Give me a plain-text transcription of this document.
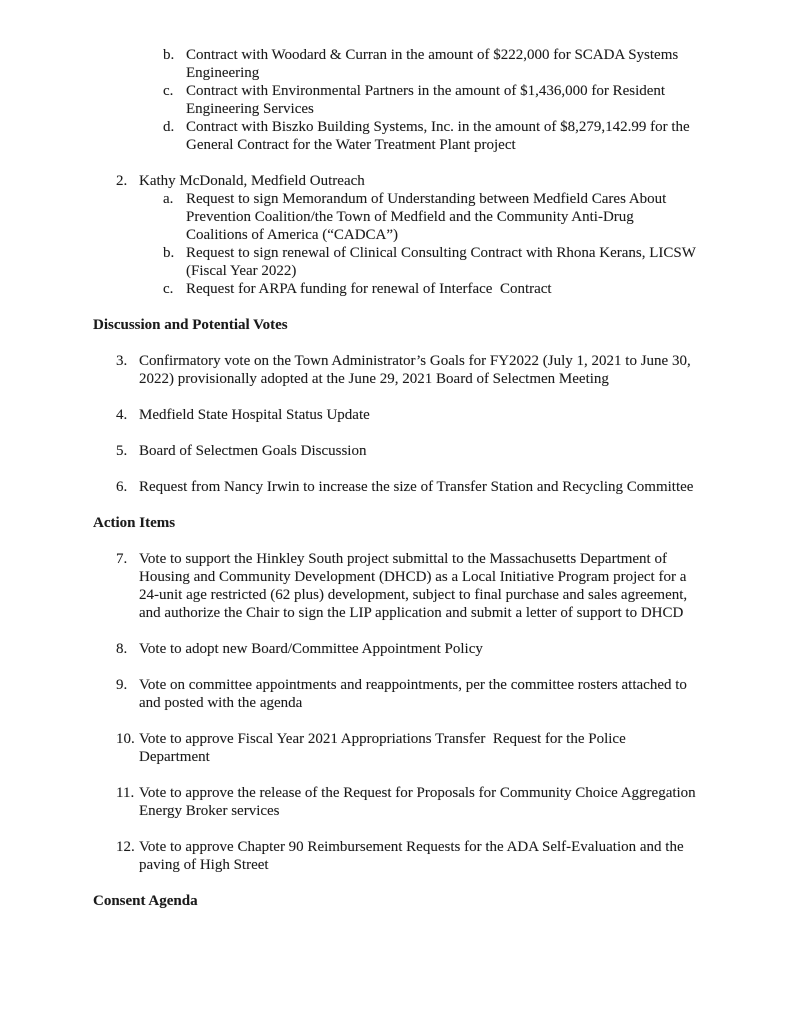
b. Contract with Woodard & Curran in the amount of $222,000 for SCADA Systems Engineering
c. Contract with Environmental Partners in the amount of $1,436,000 for Resident Engineering Services
d. Contract with Biszko Building Systems, Inc. in the amount of $8,279,142.99 for the General Contract for the Water Treatment Plant project
2. Kathy McDonald, Medfield Outreach
a. Request to sign Memorandum of Understanding between Medfield Cares About Prevention Coalition/the Town of Medfield and the Community Anti-Drug Coalitions of America (“CADCA”)
b. Request to sign renewal of Clinical Consulting Contract with Rhona Kerans, LICSW  (Fiscal Year 2022)
c. Request for ARPA funding for renewal of Interface  Contract
Discussion and Potential Votes
3. Confirmatory vote on the Town Administrator’s Goals for FY2022 (July 1, 2021 to June 30, 2022) provisionally adopted at the June 29, 2021 Board of Selectmen Meeting
4. Medfield State Hospital Status Update
5. Board of Selectmen Goals Discussion
6. Request from Nancy Irwin to increase the size of Transfer Station and Recycling Committee
Action Items
7. Vote to support the Hinkley South project submittal to the Massachusetts Department of Housing and Community Development (DHCD) as a Local Initiative Program project for a 24-unit age restricted (62 plus) development, subject to final purchase and sales agreement, and authorize the Chair to sign the LIP application and submit a letter of support to DHCD
8. Vote to adopt new Board/Committee Appointment Policy
9. Vote on committee appointments and reappointments, per the committee rosters attached to and posted with the agenda
10. Vote to approve Fiscal Year 2021 Appropriations Transfer  Request for the Police Department
11. Vote to approve the release of the Request for Proposals for Community Choice Aggregation Energy Broker services
12. Vote to approve Chapter 90 Reimbursement Requests for the ADA Self-Evaluation and the paving of High Street
Consent Agenda
